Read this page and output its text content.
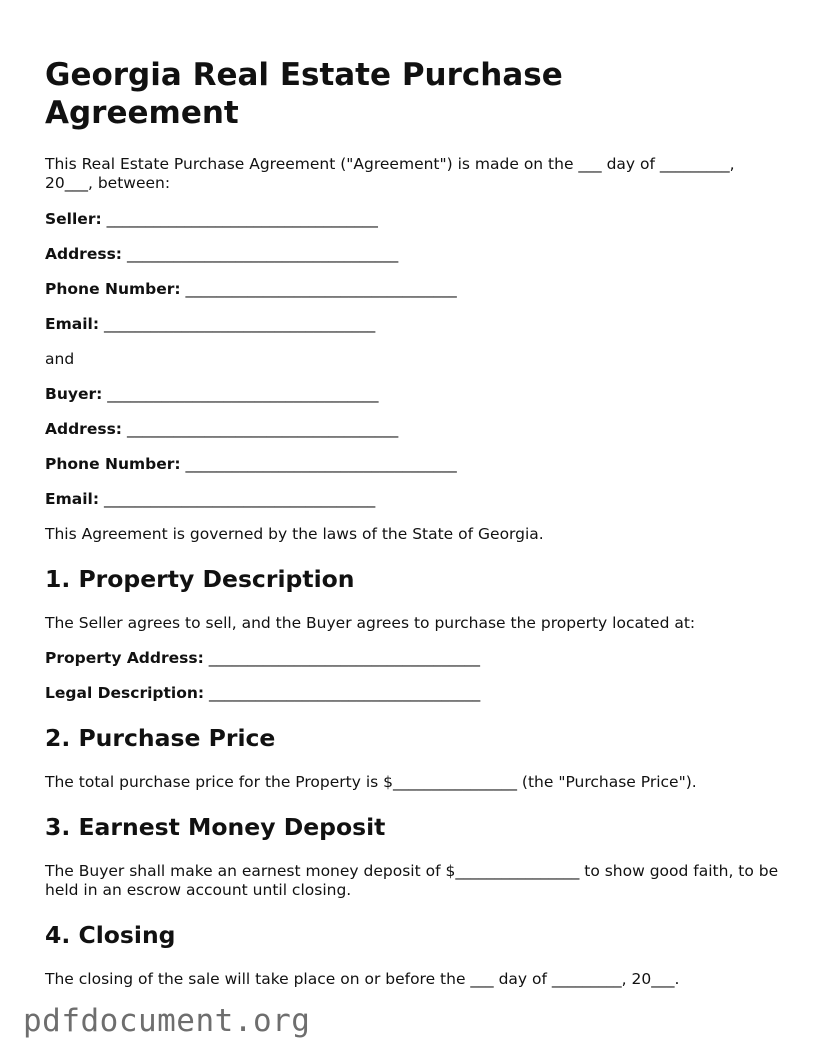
Georgia Real Estate Purchase Agreement

This Real Estate Purchase Agreement ("Agreement") is made on the ___ day of _________, 20___, between:

Seller: ___________________________________

Address: ___________________________________

Phone Number: ___________________________________

Email: ___________________________________

and

Buyer: ___________________________________

Address: ___________________________________

Phone Number: ___________________________________

Email: ___________________________________

This Agreement is governed by the laws of the State of Georgia.

1. Property Description

The Seller agrees to sell, and the Buyer agrees to purchase the property located at:

Property Address: ___________________________________

Legal Description: ___________________________________

2. Purchase Price

The total purchase price for the Property is $________________ (the "Purchase Price").

3. Earnest Money Deposit

The Buyer shall make an earnest money deposit of $________________ to show good faith, to be held in an escrow account until closing.

4. Closing

The closing of the sale will take place on or before the ___ day of _________, 20___.

pdfdocument.org
